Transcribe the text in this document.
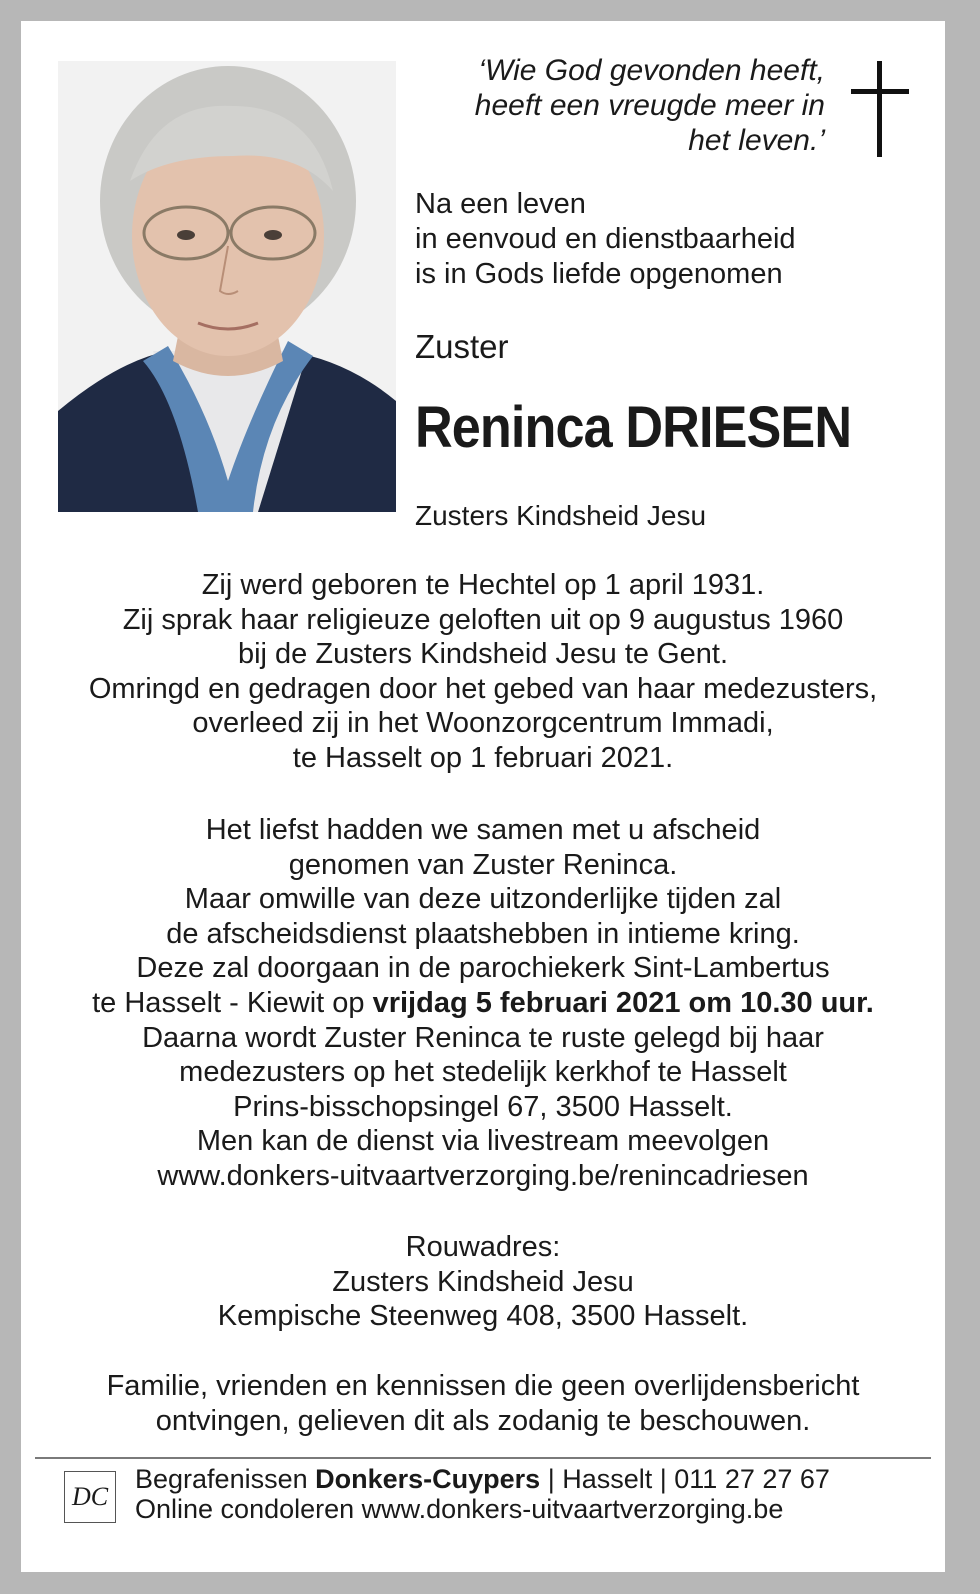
‘Wie God gevonden heeft,
heeft een vreugde meer in
het leven.’
Na een leven
in eenvoud en dienstbaarheid
is in Gods liefde opgenomen
Zuster
Reninca DRIESEN
Zusters Kindsheid Jesu
Zij werd geboren te Hechtel op 1 april 1931.
Zij sprak haar religieuze geloften uit op 9 augustus 1960
bij de Zusters Kindsheid Jesu te Gent.
Omringd en gedragen door het gebed van haar medezusters,
overleed zij in het Woonzorgcentrum Immadi,
te Hasselt op 1 februari 2021.
Het liefst hadden we samen met u afscheid
genomen van Zuster Reninca.
Maar omwille van deze uitzonderlijke tijden zal
de afscheidsdienst plaatshebben in intieme kring.
Deze zal doorgaan in de parochiekerk Sint-Lambertus
te Hasselt - Kiewit op vrijdag 5 februari 2021 om 10.30 uur.
Daarna wordt Zuster Reninca te ruste gelegd bij haar
medezusters op het stedelijk kerkhof te Hasselt
Prins-bisschopsingel 67, 3500 Hasselt.
Men kan de dienst via livestream meevolgen
www.donkers-uitvaartverzorging.be/renincadriesen
Rouwadres:
Zusters Kindsheid Jesu
Kempische Steenweg 408, 3500 Hasselt.
Familie, vrienden en kennissen die geen overlijdensbericht
ontvingen, gelieven dit als zodanig te beschouwen.
DC
Begrafenissen Donkers-Cuypers | Hasselt | 011 27 27 67
Online condoleren www.donkers-uitvaartverzorging.be
